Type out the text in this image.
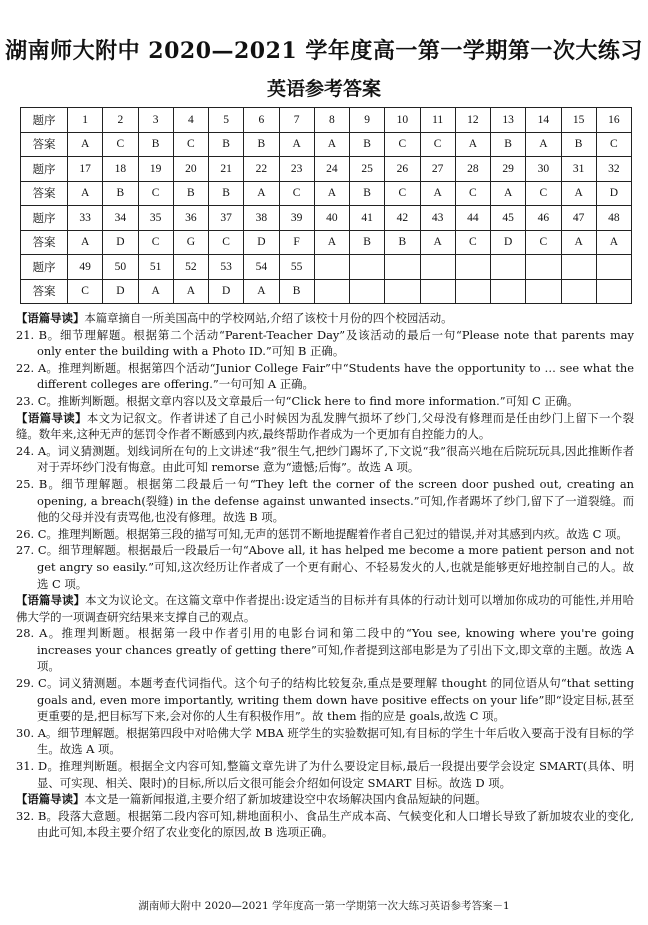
湖南师大附中 2020—2021 学年度高一第一学期第一次大练习
英语参考答案
题序	1	2	3	4	5	6	7	8	9	10	11	12	13	14	15	16
答案	A	C	B	C	B	B	A	A	B	C	C	A	B	A	B	C
题序	17	18	19	20	21	22	23	24	25	26	27	28	29	30	31	32
答案	A	B	C	B	B	A	C	A	B	C	A	C	A	C	A	D
题序	33	34	35	36	37	38	39	40	41	42	43	44	45	46	47	48
答案	A	D	C	G	C	D	F	A	B	B	A	C	D	C	A	A
题序	49	50	51	52	53	54	55									
答案	C	D	A	A	D	A	B									

【语篇导读】本篇章摘自一所美国高中的学校网站,介绍了该校十月份的四个校园活动。

21. B。细节理解题。根据第二个活动“Parent-Teacher Day”及该活动的最后一句“Please note that parents may only enter the building with a Photo ID.”可知 B 正确。

22. A。推理判断题。根据第四个活动“Junior College Fair”中“Students have the opportunity to … see what the different colleges are offering.”一句可知 A 正确。

23. C。推断判断题。根据文章内容以及文章最后一句“Click here to find more information.”可知 C 正确。

【语篇导读】本文为记叙文。作者讲述了自己小时候因为乱发脾气损坏了纱门,父母没有修理而是任由纱门上留下一个裂缝。数年来,这种无声的惩罚令作者不断感到内疚,最终帮助作者成为一个更加有自控能力的人。

24. A。词义猜测题。划线词所在句的上文讲述“我”很生气,把纱门踢坏了,下文说“我”很高兴地在后院玩玩具,因此推断作者对于弄坏纱门没有悔意。由此可知 remorse 意为“遗憾;后悔”。故选 A 项。

25. B。细节理解题。根据第二段最后一句“They left the corner of the screen door pushed out, creating an opening, a breach(裂缝) in the defense against unwanted insects.”可知,作者踢坏了纱门,留下了一道裂缝。而他的父母并没有责骂他,也没有修理。故选 B 项。

26. C。推理判断题。根据第三段的描写可知,无声的惩罚不断地提醒着作者自己犯过的错误,并对其感到内疚。故选 C 项。

27. C。细节理解题。根据最后一段最后一句“Above all, it has helped me become a more patient person and not get angry so easily.”可知,这次经历让作者成了一个更有耐心、不轻易发火的人,也就是能够更好地控制自己的人。故选 C 项。

【语篇导读】本文为议论文。在这篇文章中作者提出:设定适当的目标并有具体的行动计划可以增加你成功的可能性,并用哈佛大学的一项调查研究结果来支撑自己的观点。

28. A。推理判断题。根据第一段中作者引用的电影台词和第二段中的“You see, knowing where you're going increases your chances greatly of getting there”可知,作者提到这部电影是为了引出下文,即文章的主题。故选 A 项。

29. C。词义猜测题。本题考查代词指代。这个句子的结构比较复杂,重点是要理解 thought 的同位语从句“that setting goals and, even more importantly, writing them down have positive effects on your life”即“设定目标,甚至更重要的是,把目标写下来,会对你的人生有积极作用”。故 them 指的应是 goals,故选 C 项。

30. A。细节理解题。根据第四段中对哈佛大学 MBA 班学生的实验数据可知,有目标的学生十年后收入要高于没有目标的学生。故选 A 项。

31. D。推理判断题。根据全文内容可知,整篇文章先讲了为什么要设定目标,最后一段提出要学会设定 SMART(具体、明显、可实现、相关、限时)的目标,所以后文很可能会介绍如何设定 SMART 目标。故选 D 项。

【语篇导读】本文是一篇新闻报道,主要介绍了新加坡建设空中农场解决国内食品短缺的问题。

32. B。段落大意题。根据第二段内容可知,耕地面积小、食品生产成本高、气候变化和人口增长导致了新加坡农业的变化,由此可知,本段主要介绍了农业变化的原因,故 B 选项正确。

湖南师大附中 2020—2021 学年度高一第一学期第一次大练习英语参考答案－1
